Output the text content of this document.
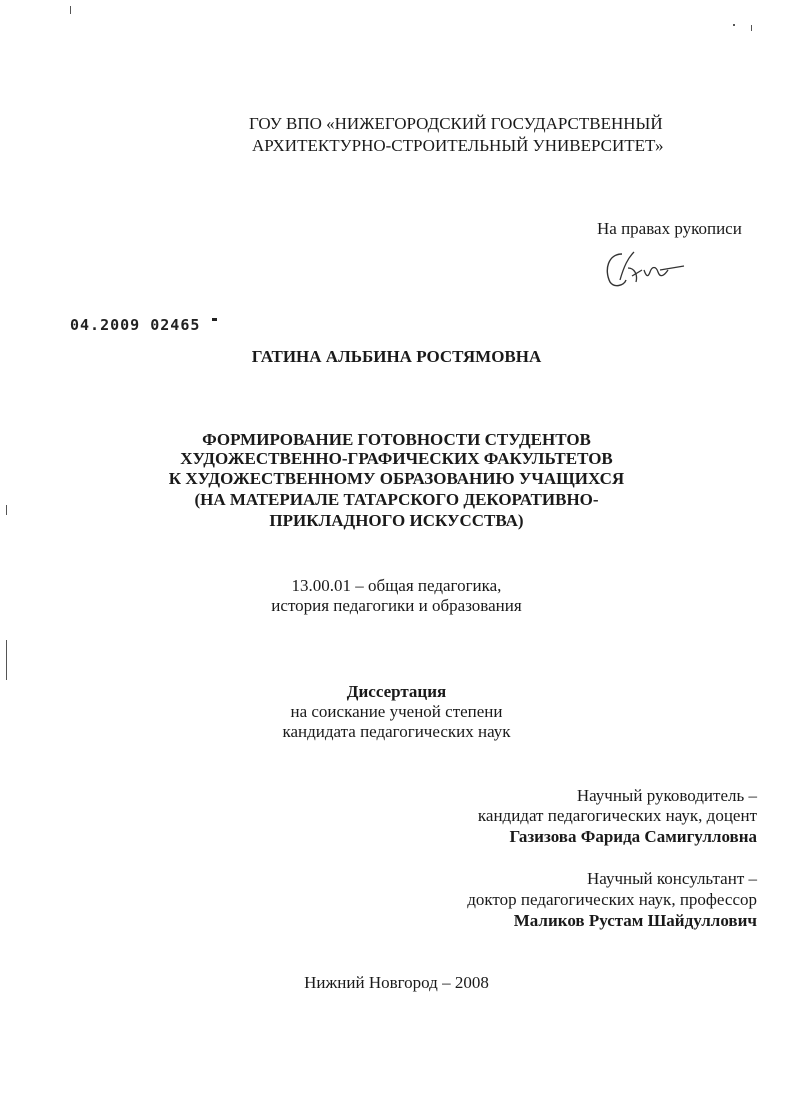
ГОУ ВПО «НИЖЕГОРОДСКИЙ ГОСУДАРСТВЕННЫЙ
АРХИТЕКТУРНО-СТРОИТЕЛЬНЫЙ УНИВЕРСИТЕТ»
На правах рукописи
04.2009 02465
ГАТИНА АЛЬБИНА РОСТЯМОВНА
ФОРМИРОВАНИЕ ГОТОВНОСТИ СТУДЕНТОВ
ХУДОЖЕСТВЕННО-ГРАФИЧЕСКИХ ФАКУЛЬТЕТОВ
К ХУДОЖЕСТВЕННОМУ ОБРАЗОВАНИЮ УЧАЩИХСЯ
(НА МАТЕРИАЛЕ ТАТАРСКОГО ДЕКОРАТИВНО-
ПРИКЛАДНОГО ИСКУССТВА)
13.00.01 – общая педагогика,
история педагогики и образования
Диссертация
на соискание ученой степени
кандидата педагогических наук
Научный руководитель –
кандидат педагогических наук, доцент
Газизова Фарида Самигулловна
Научный консультант –
доктор педагогических наук, профессор
Маликов Рустам Шайдуллович
Нижний Новгород – 2008
